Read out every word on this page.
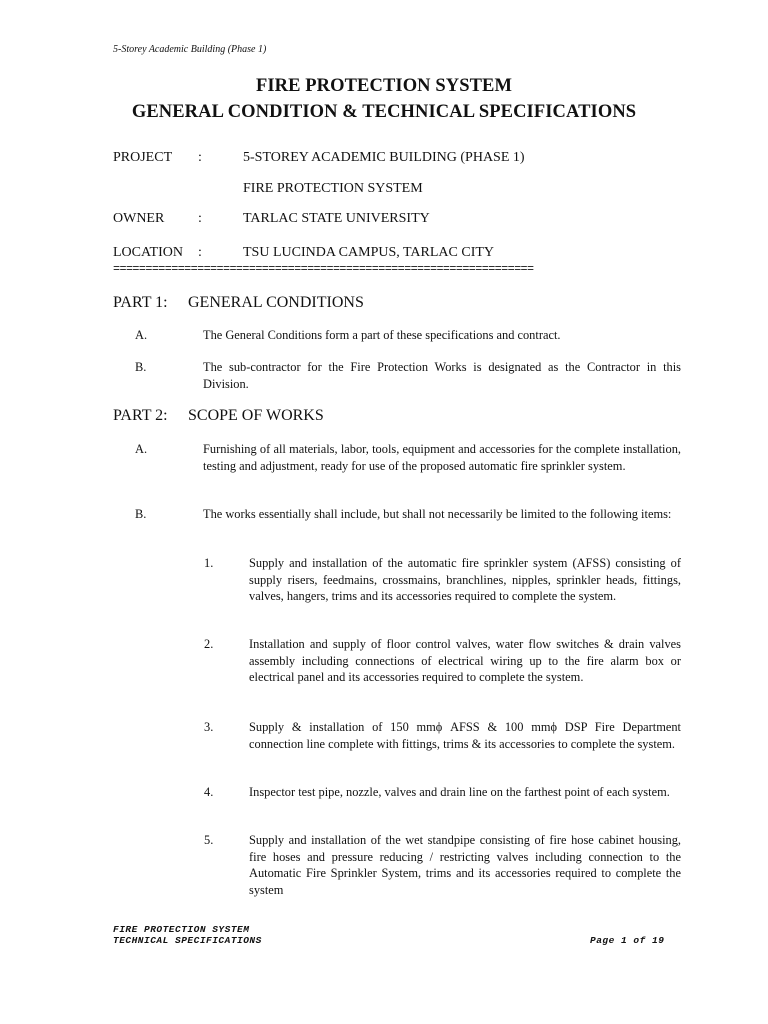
5-Storey Academic Building (Phase 1)
FIRE PROTECTION SYSTEM
GENERAL CONDITION & TECHNICAL SPECIFICATIONS
PROJECT :	5-STOREY ACADEMIC BUILDING (PHASE 1)
FIRE PROTECTION SYSTEM
OWNER :	TARLAC STATE UNIVERSITY
LOCATION :	TSU LUCINDA CAMPUS, TARLAC CITY
=================================================================
PART 1: GENERAL CONDITIONS
A.	The General Conditions form a part of these specifications and contract.
B.	The sub-contractor for the Fire Protection Works is designated as the Contractor in this Division.
PART 2: SCOPE OF WORKS
A.	Furnishing of all materials, labor, tools, equipment and accessories for the complete installation, testing and adjustment, ready for use of the proposed automatic fire sprinkler system.
B.	The works essentially shall include, but shall not necessarily be limited to the following items:
1.	Supply and installation of the automatic fire sprinkler system (AFSS) consisting of supply risers, feedmains, crossmains, branchlines, nipples, sprinkler heads, fittings, valves, hangers, trims and its accessories required to complete the system.
2.	Installation and supply of floor control valves, water flow switches & drain valves assembly including connections of electrical wiring up to the fire alarm box or electrical panel and its accessories required to complete the system.
3.	Supply & installation of 150 mmϕ AFSS & 100 mmϕ DSP Fire Department connection line complete with fittings, trims & its accessories to complete the system.
4.	Inspector test pipe, nozzle, valves and drain line on the farthest point of each system.
5.	Supply and installation of the wet standpipe consisting of fire hose cabinet housing, fire hoses and pressure reducing / restricting valves including connection to the Automatic Fire Sprinkler System, trims and its accessories required to complete the system
FIRE PROTECTION SYSTEM
TECHNICAL SPECIFICATIONS	Page 1 of 19
